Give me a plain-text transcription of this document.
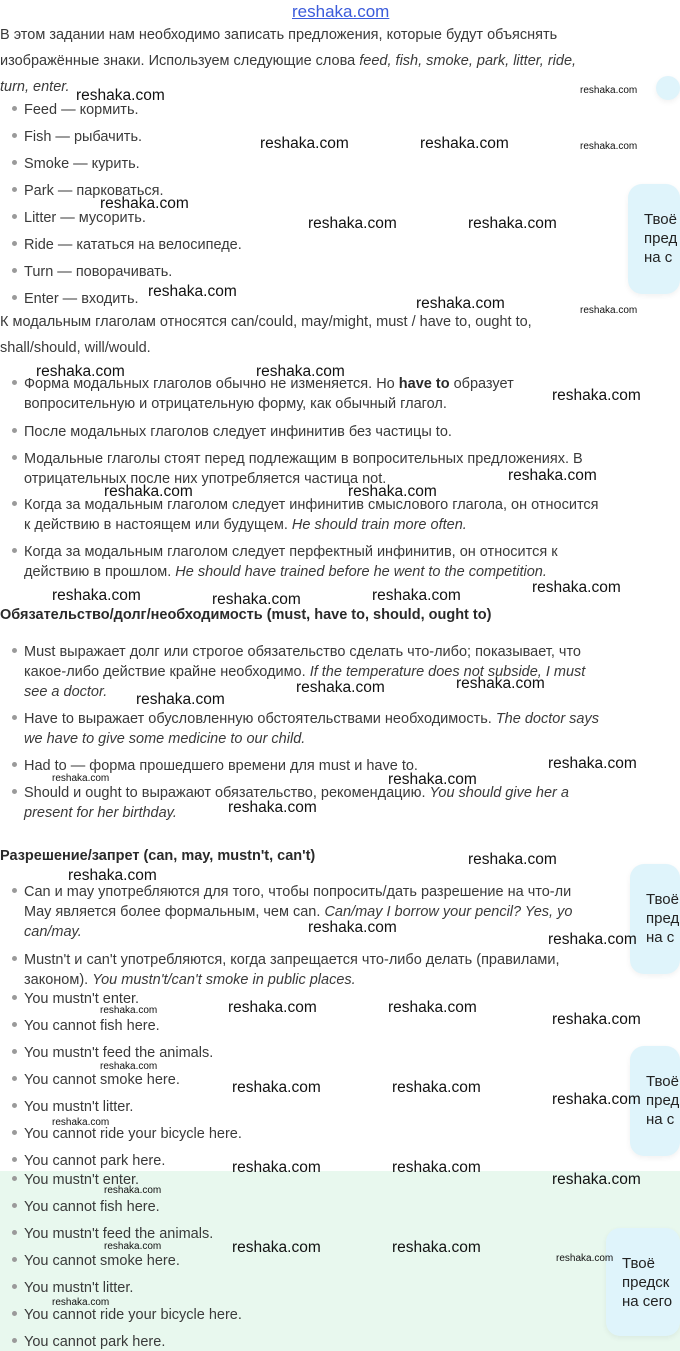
reshaka.com
В этом задании нам необходимо записать предложения, которые будут объяснять
изображённые знаки. Используем следующие слова feed, fish, smoke, park, litter, ride,
turn, enter.
Feed — кормить.
Fish — рыбачить.
Smoke — курить.
Park — парковаться.
Litter — мусорить.
Ride — кататься на велосипеде.
Turn — поворачивать.
Enter — входить.
К модальным глаголам относятся can/could, may/might, must / have to, ought to,
shall/should, will/would.
Форма модальных глаголов обычно не изменяется. Но have to образует
вопросительную и отрицательную форму, как обычный глагол.
После модальных глаголов следует инфинитив без частицы to.
Модальные глаголы стоят перед подлежащим в вопросительных предложениях. В
отрицательных после них употребляется частица not.
Когда за модальным глаголом следует инфинитив смыслового глагола, он относится
к действию в настоящем или будущем. He should train more often.
Когда за модальным глаголом следует перфектный инфинитив, он относится к
действию в прошлом. He should have trained before he went to the competition.
Обязательство/долг/необходимость (must, have to, should, ought to)
Must выражает долг или строгое обязательство сделать что-либо; показывает, что
какое-либо действие крайне необходимо. If the temperature does not subside, I must
see a doctor.
Have to выражает обусловленную обстоятельствами необходимость. The doctor says
we have to give some medicine to our child.
Had to — форма прошедшего времени для must и have to.
Should и ought to выражают обязательство, рекомендацию. You should give her a
present for her birthday.
Разрешение/запрет (can, may, mustn't, can't)
Can и may употребляются для того, чтобы попросить/дать разрешение на что-ли
May является более формальным, чем can. Can/may I borrow your pencil? Yes, yo
can/may.
Mustn't и can't употребляются, когда запрещается что-либо делать (правилами,
законом). You mustn't/can't smoke in public places.
You mustn't enter.
You cannot fish here.
You mustn't feed the animals.
You cannot smoke here.
You mustn't litter.
You cannot ride your bicycle here.
You cannot park here.
You mustn't enter.
You cannot fish here.
You mustn't feed the animals.
You cannot smoke here.
You mustn't litter.
You cannot ride your bicycle here.
You cannot park here.
Твоё
пред
на с
Твоё
пред
на с
Твоё
пред
на с
Твоё
предск
на сего
reshaka.com	reshaka.com
reshaka.com	reshaka.com	reshaka.com
reshaka.com
reshaka.com	reshaka.com
reshaka.com
reshaka.com	reshaka.com
reshaka.com	reshaka.com
reshaka.com
reshaka.com
reshaka.com	reshaka.com
reshaka.com
reshaka.com	reshaka.com
reshaka.com
reshaka.com
reshaka.com
reshaka.com
reshaka.com
reshaka.com	reshaka.com
reshaka.com
reshaka.com
reshaka.com
reshaka.com
reshaka.com
reshaka.com	reshaka.com	reshaka.com
reshaka.com
reshaka.com
reshaka.com	reshaka.com
reshaka.com
reshaka.com
reshaka.com	reshaka.com
reshaka.com
reshaka.com
reshaka.com	reshaka.com	reshaka.com
reshaka.com
reshaka.com
